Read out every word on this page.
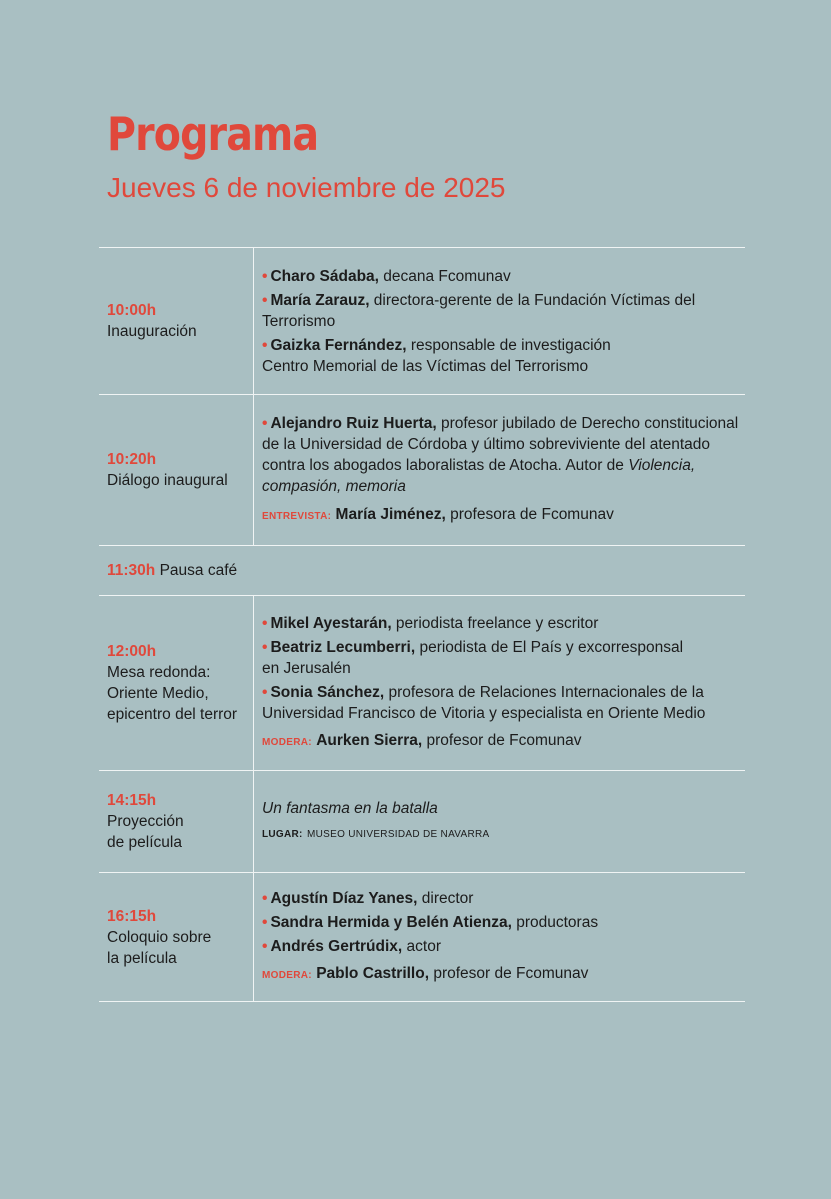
Programa
Jueves 6 de noviembre de 2025
10:00h
Inauguración
• Charo Sádaba, decana Fcomunav
• María Zarauz, directora-gerente de la Fundación Víctimas del Terrorismo
• Gaizka Fernández, responsable de investigación Centro Memorial de las Víctimas del Terrorismo
10:20h
Diálogo inaugural
• Alejandro Ruiz Huerta, profesor jubilado de Derecho constitucional de la Universidad de Córdoba y último sobreviviente del atentado contra los abogados laboralistas de Atocha. Autor de Violencia, compasión, memoria
ENTREVISTA: María Jiménez, profesora de Fcomunav
11:30h
Pausa café
12:00h
Mesa redonda:
Oriente Medio,
epicentro del terror
• Mikel Ayestarán, periodista freelance y escritor
• Beatriz Lecumberri, periodista de El País y excorresponsal en Jerusalén
• Sonia Sánchez, profesora de Relaciones Internacionales de la Universidad Francisco de Vitoria y especialista en Oriente Medio
MODERA: Aurken Sierra, profesor de Fcomunav
14:15h
Proyección
de película
Un fantasma en la batalla
LUGAR: MUSEO UNIVERSIDAD DE NAVARRA
16:15h
Coloquio sobre
la película
• Agustín Díaz Yanes, director
• Sandra Hermida y Belén Atienza, productoras
• Andrés Gertrúdix, actor
MODERA: Pablo Castrillo, profesor de Fcomunav
